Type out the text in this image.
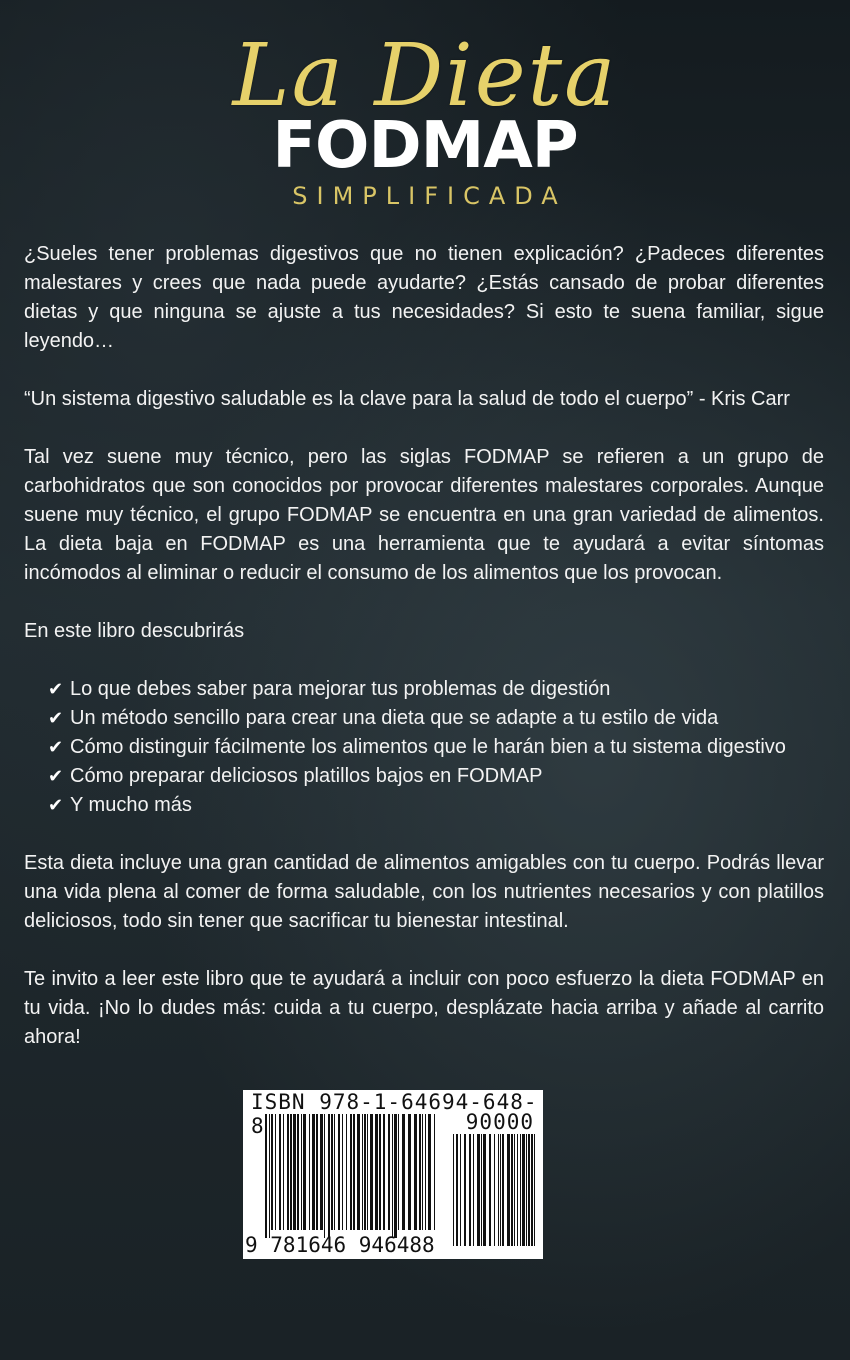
La Dieta
FODMAP
SIMPLIFICADA

¿Sueles tener problemas digestivos que no tienen explicación? ¿Padeces diferentes malestares y crees que nada puede ayudarte? ¿Estás cansado de probar diferentes dietas y que ninguna se ajuste a tus necesidades? Si esto te suena familiar, sigue leyendo…

“Un sistema digestivo saludable es la clave para la salud de todo el cuerpo” - Kris Carr

Tal vez suene muy técnico, pero las siglas FODMAP se refieren a un grupo de carbohidratos que son conocidos por provocar diferentes malestares corporales. Aunque suene muy técnico, el grupo FODMAP se encuentra en una gran variedad de alimentos. La dieta baja en FODMAP es una herramienta que te ayudará a evitar síntomas incómodos al eliminar o reducir el consumo de los alimentos que los provocan.

En este libro descubrirás

✔ Lo que debes saber para mejorar tus problemas de digestión
✔ Un método sencillo para crear una dieta que se adapte a tu estilo de vida
✔ Cómo distinguir fácilmente los alimentos que le harán bien a tu sistema digestivo
✔ Cómo preparar deliciosos platillos bajos en FODMAP
✔ Y mucho más

Esta dieta incluye una gran cantidad de alimentos amigables con tu cuerpo. Podrás llevar una vida plena al comer de forma saludable, con los nutrientes necesarios y con platillos deliciosos, todo sin tener que sacrificar tu bienestar intestinal.

Te invito a leer este libro que te ayudará a incluir con poco esfuerzo la dieta FODMAP en tu vida. ¡No lo dudes más: cuida a tu cuerpo, desplázate hacia arriba y añade al carrito ahora!

ISBN 978-1-64694-648-8	90000
9 781646 946488
